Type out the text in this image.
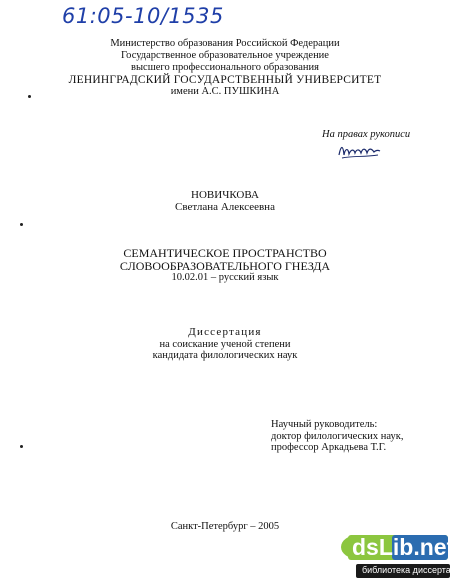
61:05-10/1535
Министерство образования Российской Федерации
Государственное образовательное учреждение
высшего профессионального образования
ЛЕНИНГРАДСКИЙ ГОСУДАРСТВЕННЫЙ УНИВЕРСИТЕТ
имени А.С. ПУШКИНА
На правах рукописи
НОВИЧКОВА
Светлана Алексеевна
СЕМАНТИЧЕСКОЕ ПРОСТРАНСТВО
СЛОВООБРАЗОВАТЕЛЬНОГО ГНЕЗДА
10.02.01 – русский язык
Диссертация
на соискание ученой степени
кандидата филологических наук
Научный руководитель:
доктор филологических наук,
профессор Аркадьева Т.Г.
Санкт-Петербург – 2005
dsLib.net
библиотека диссертаций
